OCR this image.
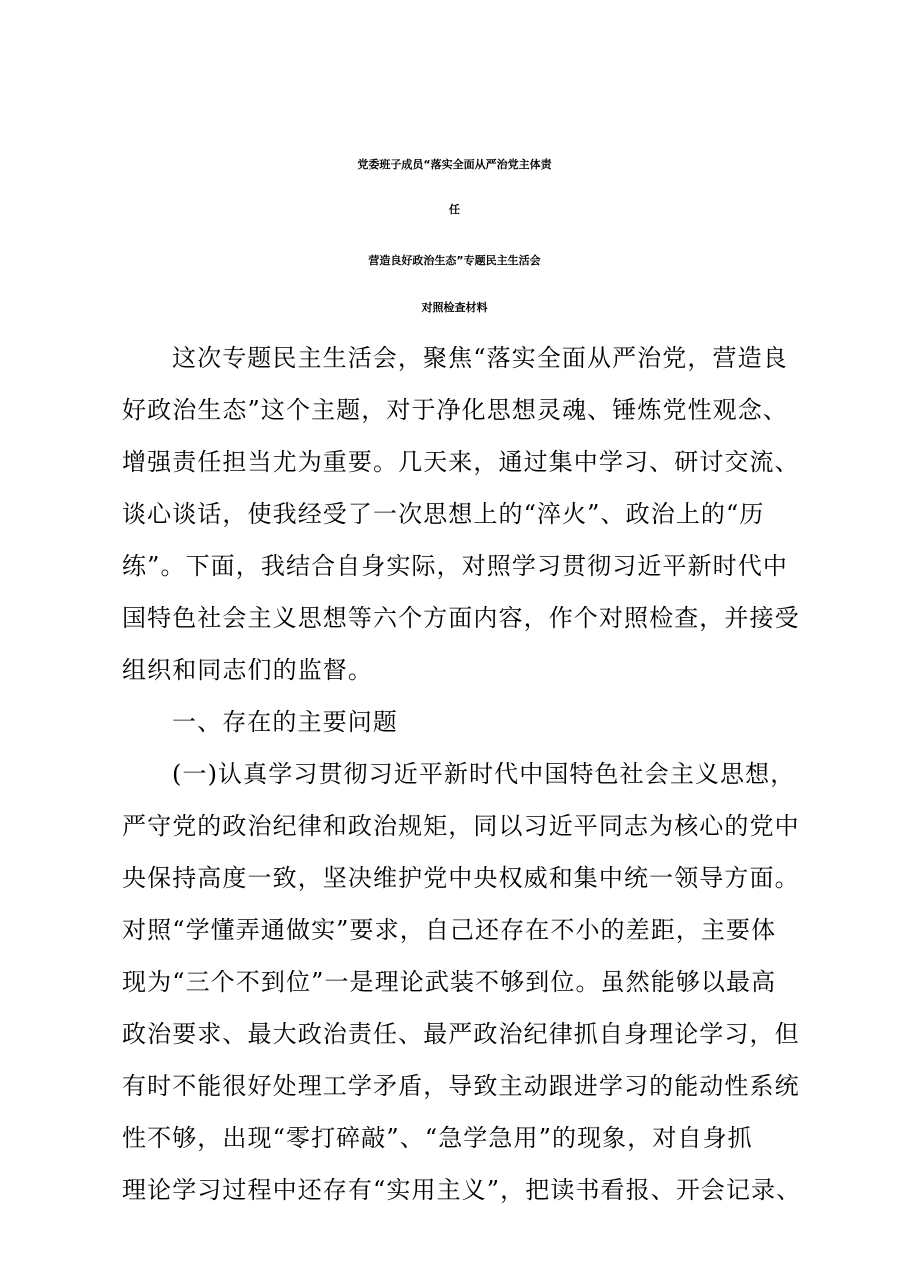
党委班子成员“落实全面从严治党主体责
任
营造良好政治生态”专题民主生活会
对照检查材料
这次专题民主生活会，聚焦“落实全面从严治党，营造良
好政治生态”这个主题，对于净化思想灵魂、锤炼党性观念、
增强责任担当尤为重要。几天来，通过集中学习、研讨交流、
谈心谈话，使我经受了一次思想上的“淬火”、政治上的“历
练”。下面，我结合自身实际，对照学习贯彻习近平新时代中
国特色社会主义思想等六个方面内容，作个对照检查，并接受
组织和同志们的监督。
一、存在的主要问题
(一)认真学习贯彻习近平新时代中国特色社会主义思想，
严守党的政治纪律和政治规矩，同以习近平同志为核心的党中
央保持高度一致，坚决维护党中央权威和集中统一领导方面。
对照“学懂弄通做实”要求，自己还存在不小的差距，主要体
现为“三个不到位”一是理论武装不够到位。虽然能够以最高
政治要求、最大政治责任、最严政治纪律抓自身理论学习，但
有时不能很好处理工学矛盾，导致主动跟进学习的能动性系统
性不够，出现“零打碎敲”、“急学急用”的现象，对自身抓
理论学习过程中还存有“实用主义”，把读书看报、开会记录、
